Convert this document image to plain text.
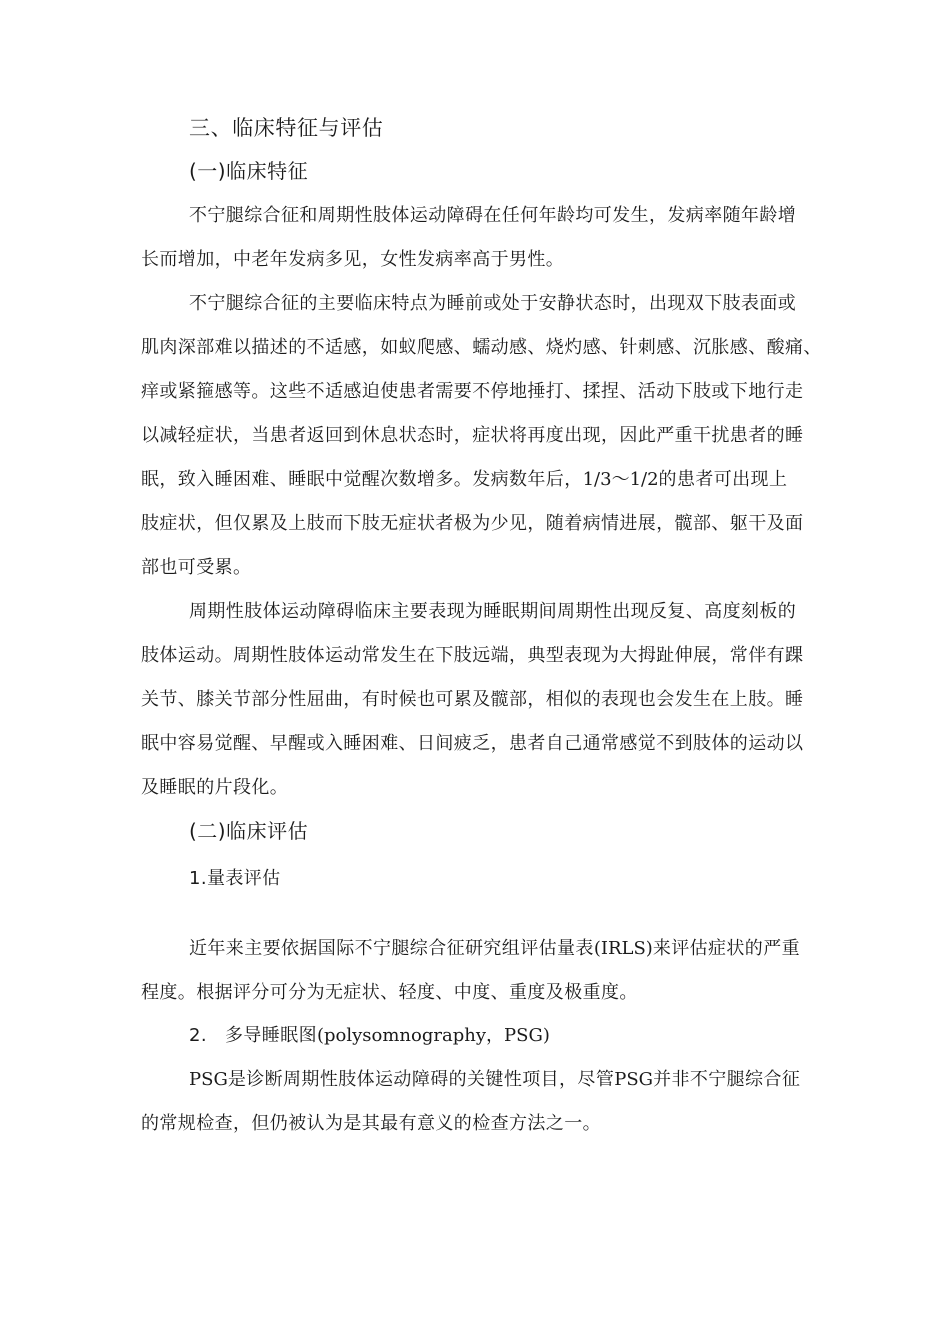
三、临床特征与评估

(一)临床特征

不宁腿综合征和周期性肢体运动障碍在任何年龄均可发生，发病率随年龄增

长而增加，中老年发病多见，女性发病率高于男性。

不宁腿综合征的主要临床特点为睡前或处于安静状态时，出现双下肢表面或

肌肉深部难以描述的不适感，如蚁爬感、蠕动感、烧灼感、针刺感、沉胀感、酸痛、

痒或紧箍感等。这些不适感迫使患者需要不停地捶打、揉捏、活动下肢或下地行走

以减轻症状，当患者返回到休息状态时，症状将再度出现，因此严重干扰患者的睡

眠，致入睡困难、睡眠中觉醒次数增多。发病数年后，1/3～1/2的患者可出现上

肢症状，但仅累及上肢而下肢无症状者极为少见，随着病情进展，髋部、躯干及面

部也可受累。

周期性肢体运动障碍临床主要表现为睡眠期间周期性出现反复、高度刻板的

肢体运动。周期性肢体运动常发生在下肢远端，典型表现为大拇趾伸展，常伴有踝

关节、膝关节部分性屈曲，有时候也可累及髋部，相似的表现也会发生在上肢。睡

眠中容易觉醒、早醒或入睡困难、日间疲乏，患者自己通常感觉不到肢体的运动以

及睡眠的片段化。

(二)临床评估

1.量表评估

近年来主要依据国际不宁腿综合征研究组评估量表(IRLS)来评估症状的严重

程度。根据评分可分为无症状、轻度、中度、重度及极重度。

2. 多导睡眠图(polysomnography，PSG)

PSG是诊断周期性肢体运动障碍的关键性项目，尽管PSG并非不宁腿综合征

的常规检查，但仍被认为是其最有意义的检查方法之一。
